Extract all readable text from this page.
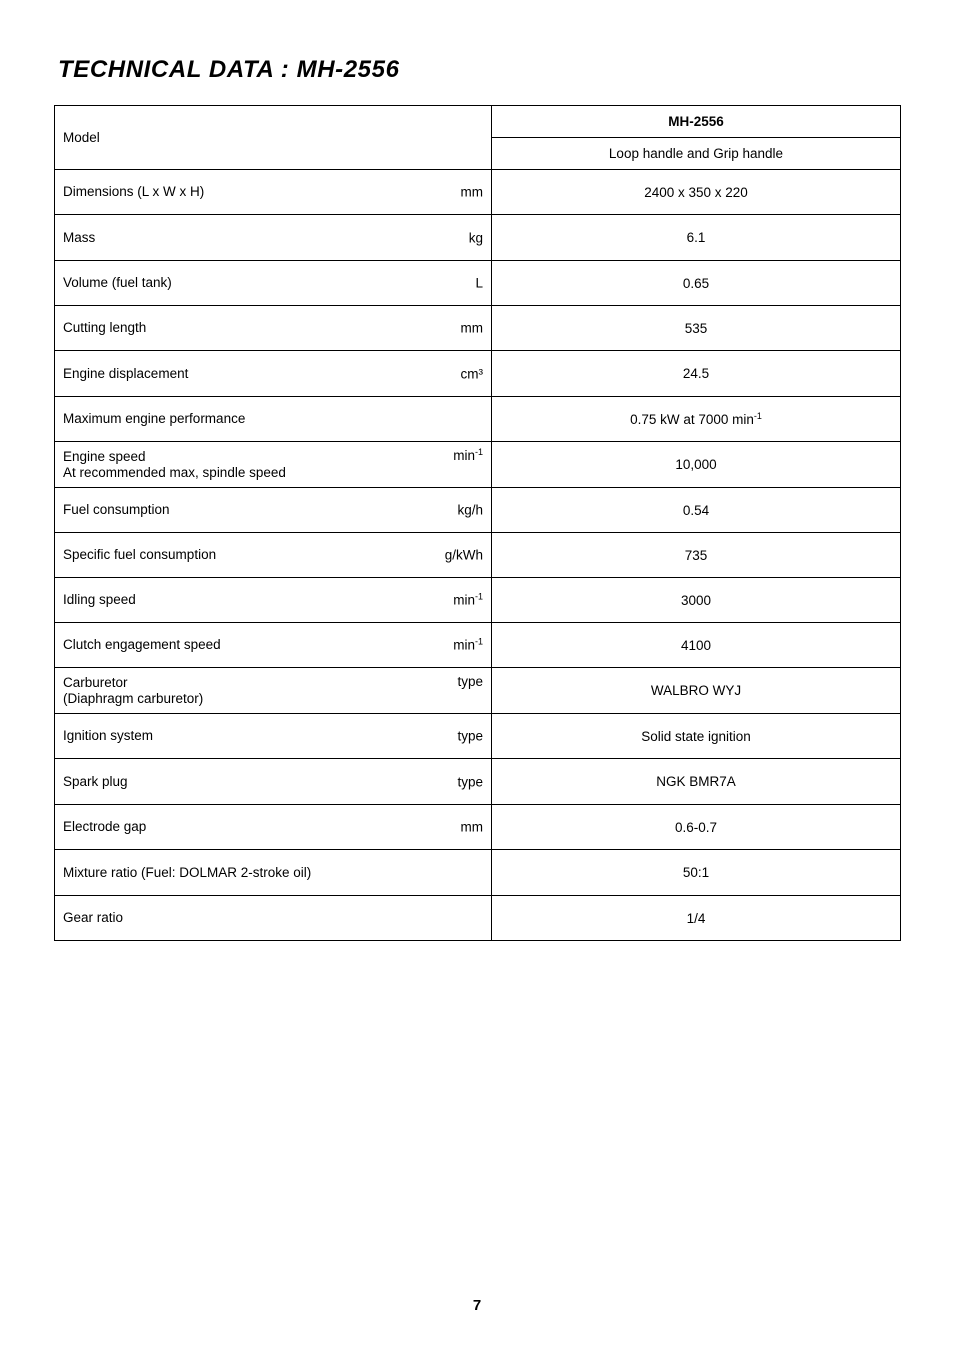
TECHNICAL DATA : MH-2556
Model	MH-2556
	Loop handle and Grip handle

Dimensions (L x W x H) mm	2400 x 350 x 220

Mass kg	6.1

Volume (fuel tank) L	0.65

Cutting length mm	535

Engine displacement cm³	24.5

Maximum engine performance	0.75 kW at 7000 $\min^{-1}$

Engine speed
At recommended max, spindle speed
$\min^{-1}$	10,000

Fuel consumption kg/h	0.54

Specific fuel consumption g/kWh	735

Idling speed $\min^{-1}$	3000

Clutch engagement speed $\min^{-1}$	4100

Carburetor
(Diaphragm carburetor)
type	WALBRO WYJ

Ignition system type	Solid state ignition

Spark plug type	NGK BMR7A

Electrode gap mm	0.6-0.7

Mixture ratio (Fuel: DOLMAR 2-stroke oil)	50:1

Gear ratio	1/4
7
